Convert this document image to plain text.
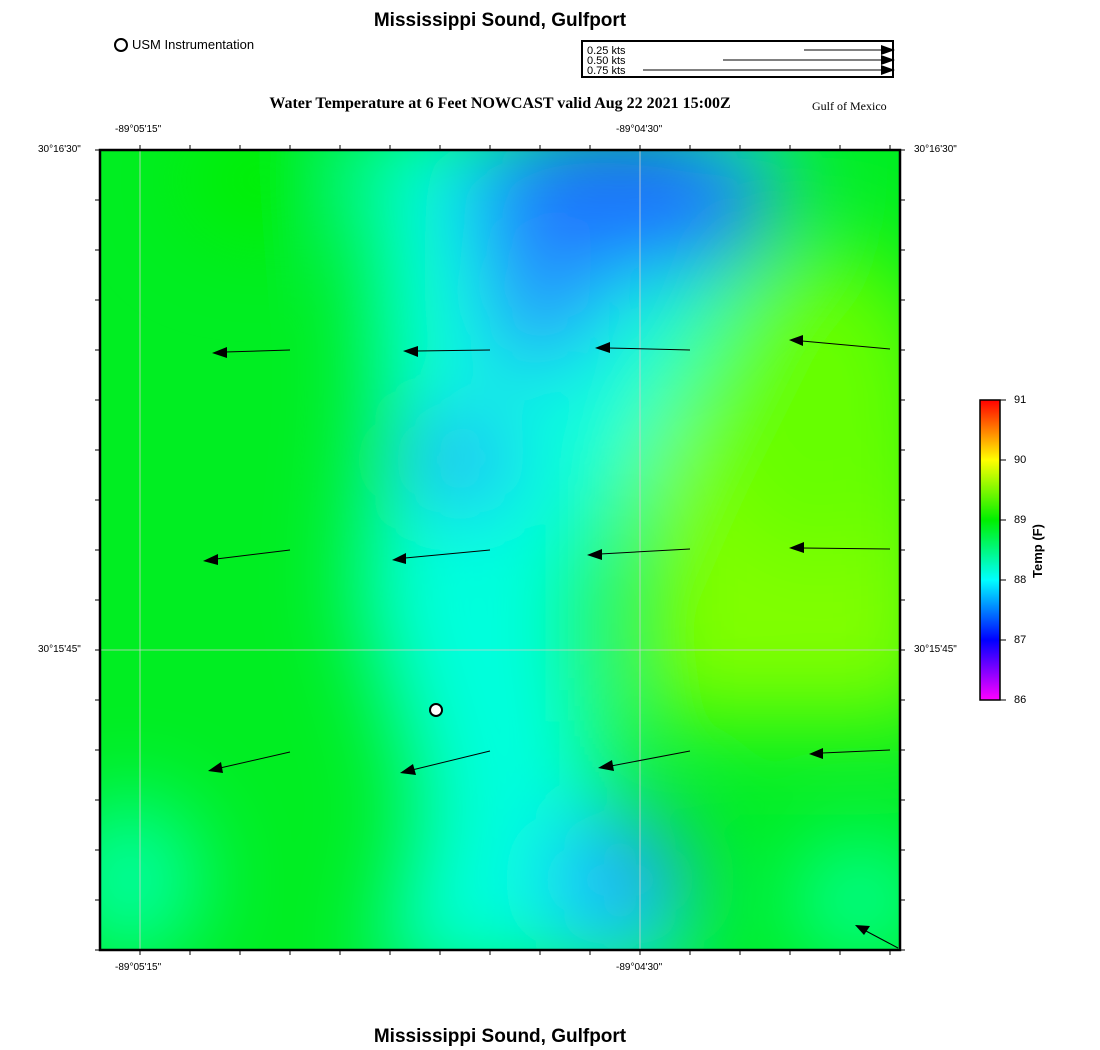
Mississippi Sound, Gulfport
USM Instrumentation	0.25 kts
0.50 kts
0.75 kts
Water Temperature at 6 Feet NOWCAST valid Aug 22 2021 15:00Z	Gulf of Mexico
-89°05'15"	-89°04'30"
-89°05'15"	-89°04'30"
30°16'30"
30°15'45"
30°16'30"
30°15'45"
91
90
89
88
87
86
Temp (F)
Mississippi Sound, Gulfport
